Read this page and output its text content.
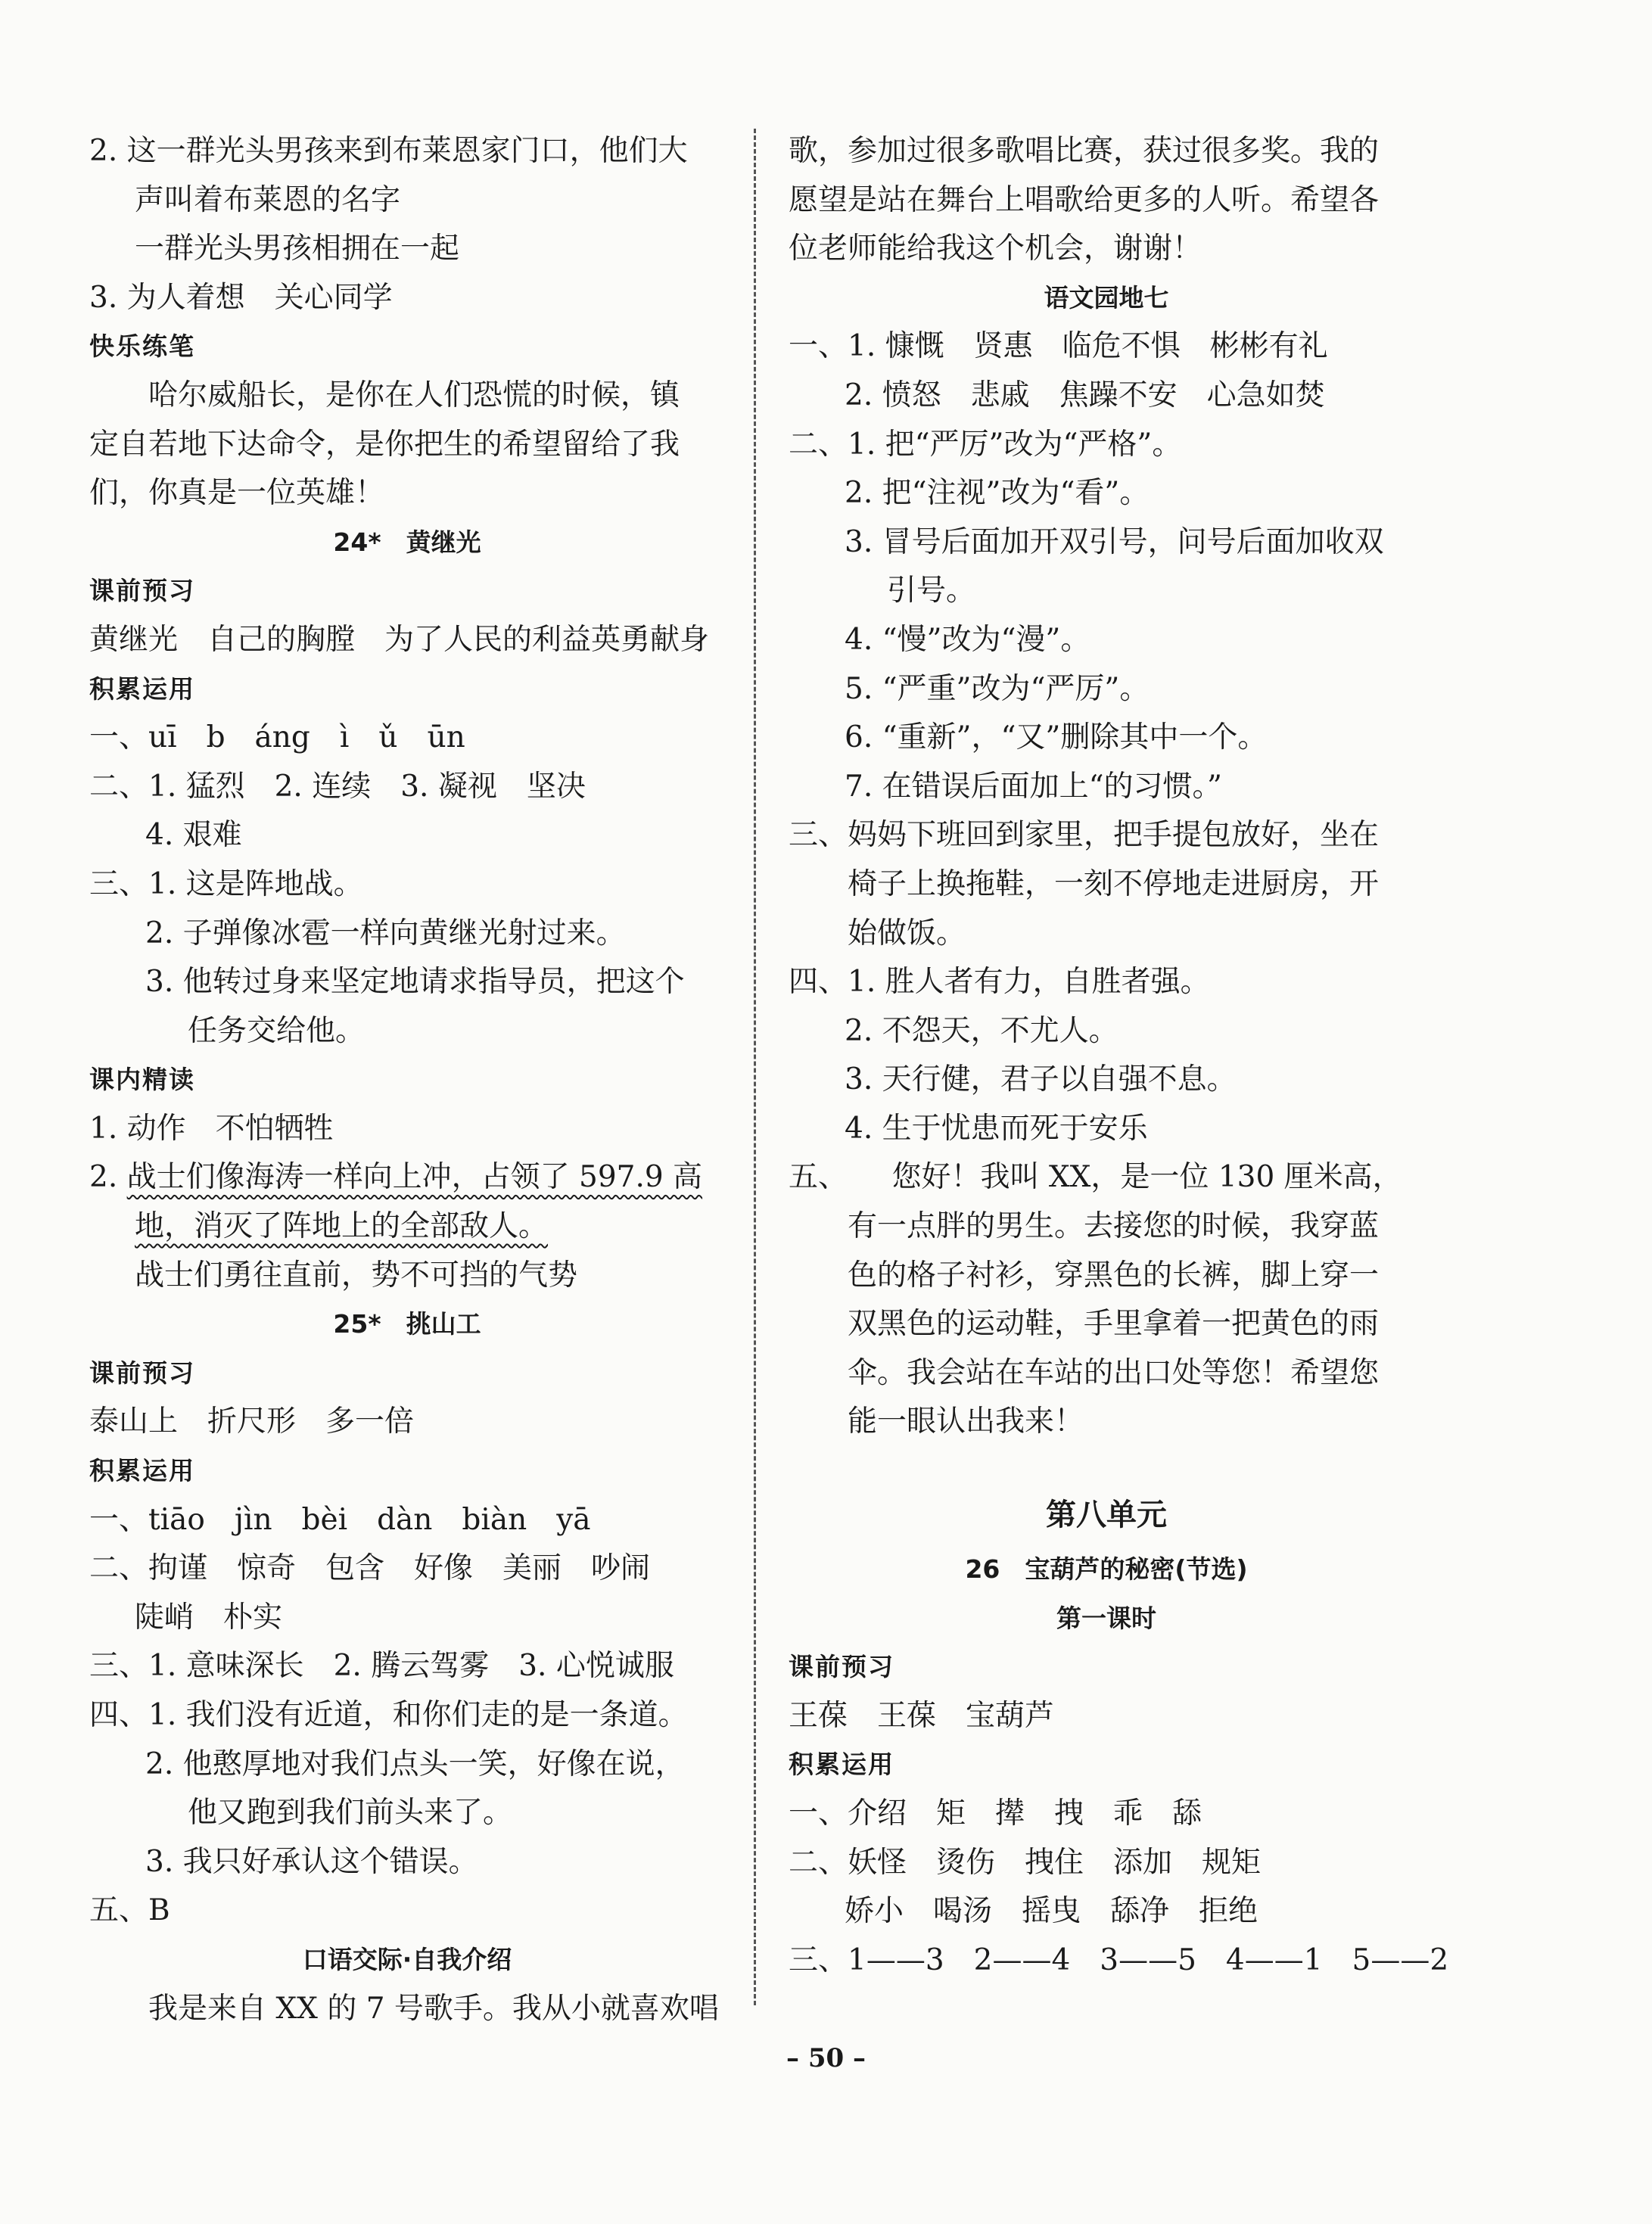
2. 这一群光头男孩来到布莱恩家门口，他们大
声叫着布莱恩的名字
一群光头男孩相拥在一起
3. 为人着想　关心同学
快乐练笔
哈尔威船长，是你在人们恐慌的时候，镇
定自若地下达命令，是你把生的希望留给了我
们，你真是一位英雄！
24*　黄继光
课前预习
黄继光　自己的胸膛　为了人民的利益英勇献身
积累运用
一、uī　b　áng　ì　ǔ　ūn
二、1. 猛烈　2. 连续　3. 凝视　坚决
4. 艰难
三、1. 这是阵地战。
2. 子弹像冰雹一样向黄继光射过来。
3. 他转过身来坚定地请求指导员，把这个
任务交给他。
课内精读
1. 动作　不怕牺牲
2. 战士们像海涛一样向上冲，占领了 597.9 高
地，消灭了阵地上的全部敌人。
战士们勇往直前，势不可挡的气势
25*　挑山工
课前预习
泰山上　折尺形　多一倍
积累运用
一、tiāo　jìn　bèi　dàn　biàn　yā
二、拘谨　惊奇　包含　好像　美丽　吵闹
陡峭　朴实
三、1. 意味深长　2. 腾云驾雾　3. 心悦诚服
四、1. 我们没有近道，和你们走的是一条道。
2. 他憨厚地对我们点头一笑，好像在说，
他又跑到我们前头来了。
3. 我只好承认这个错误。
五、B
口语交际·自我介绍
我是来自 XX 的 7 号歌手。我从小就喜欢唱
歌，参加过很多歌唱比赛，获过很多奖。我的
愿望是站在舞台上唱歌给更多的人听。希望各
位老师能给我这个机会，谢谢！
语文园地七
一、1. 慷慨　贤惠　临危不惧　彬彬有礼
2. 愤怒　悲戚　焦躁不安　心急如焚
二、1. 把“严厉”改为“严格”。
2. 把“注视”改为“看”。
3. 冒号后面加开双引号，问号后面加收双
引号。
4. “慢”改为“漫”。
5. “严重”改为“严厉”。
6. “重新”，“又”删除其中一个。
7. 在错误后面加上“的习惯。”
三、妈妈下班回到家里，把手提包放好，坐在
椅子上换拖鞋，一刻不停地走进厨房，开
始做饭。
四、1. 胜人者有力，自胜者强。
2. 不怨天，不尤人。
3. 天行健，君子以自强不息。
4. 生于忧患而死于安乐
五、　　您好！我叫 XX，是一位 130 厘米高，
有一点胖的男生。去接您的时候，我穿蓝
色的格子衬衫，穿黑色的长裤，脚上穿一
双黑色的运动鞋，手里拿着一把黄色的雨
伞。我会站在车站的出口处等您！希望您
能一眼认出我来！
第八单元
26　宝葫芦的秘密(节选)
第一课时
课前预习
王葆　王葆　宝葫芦
积累运用
一、介绍　矩　撵　拽　乖　舔
二、妖怪　烫伤　拽住　添加　规矩
娇小　喝汤　摇曳　舔净　拒绝
三、1——3　2——4　3——5　4——1　5——2
– 50 –
